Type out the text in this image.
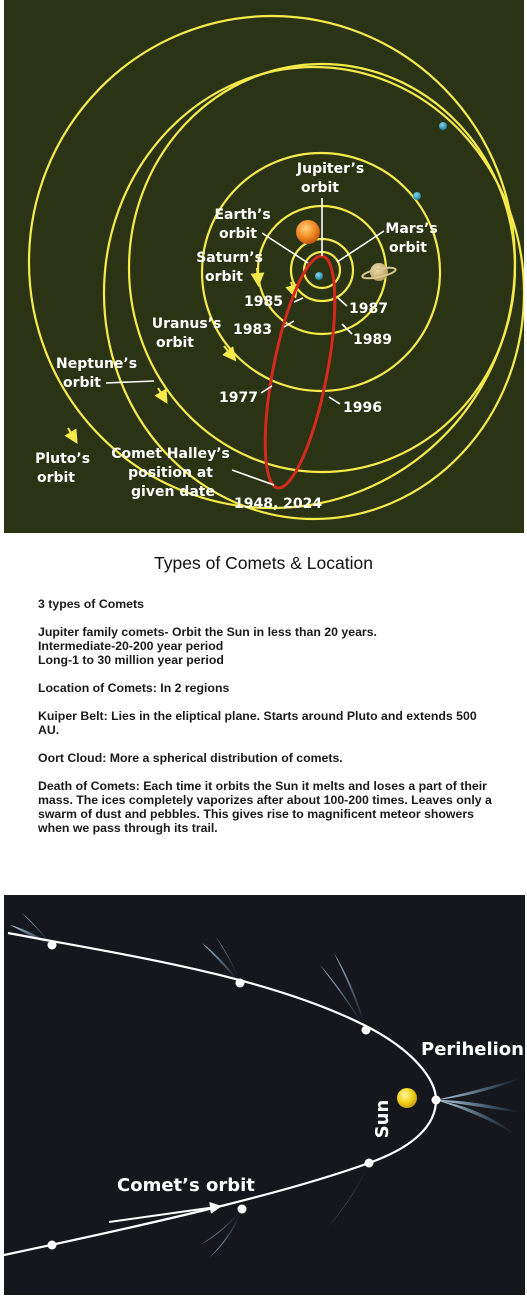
Jupiter’s orbit
Earth’s orbit	Mars’s orbit
Saturn’s orbit
Uranus’s orbit
Neptune’s orbit
Pluto’s orbit
Comet Halley’s position at given date
1985	1987
1983
1989
1977
1996
1948, 2024
Types of Comets & Location

3 types of Comets

Jupiter family comets- Orbit the Sun in less than 20 years.

Intermediate-20-200 year period

Long-1 to 30 million year period

Location of Comets: In 2 regions

Kuiper Belt: Lies in the eliptical plane. Starts around Pluto and extends 500 AU.

Oort Cloud: More a spherical distribution of comets.

Death of Comets: Each time it orbits the Sun it melts and loses a part of their mass. The ices completely vaporizes after about 100-200 times. Leaves only a swarm of dust and pebbles. This gives rise to magnificent meteor showers when we pass through its trail.

Perihelion
Sun
Comet’s orbit
